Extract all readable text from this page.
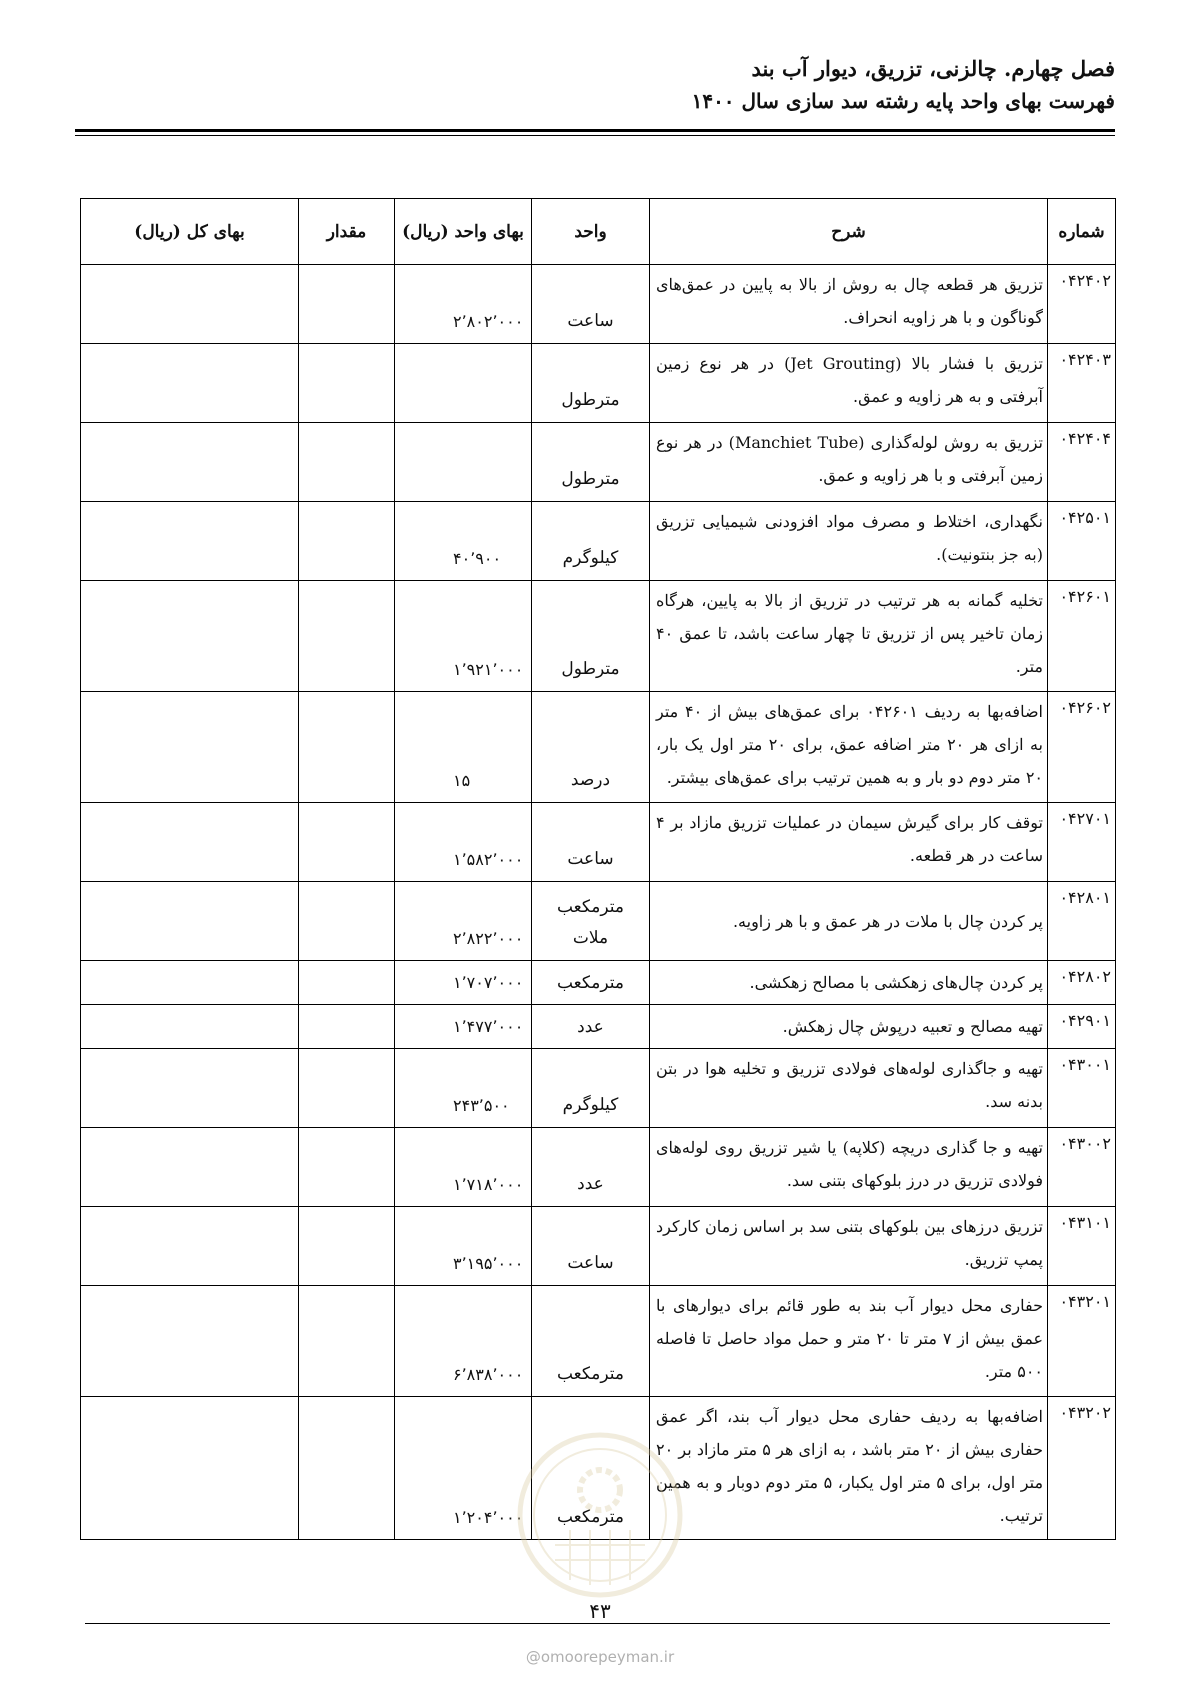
فصل چهارم. چالزنی، تزریق، دیوار آب بند
فهرست بهای واحد پایه رشته سد سازی سال ۱۴۰۰
شماره	شرح	واحد	بهای واحد (ریال)	مقدار	بهای کل (ریال)
۰۴۲۴۰۲	تزریق هر قطعه چال به روش از بالا به پایین در عمق‌های گوناگون و با هر زاویه انحراف.	ساعت	۲٬۸۰۲٬۰۰۰		
۰۴۲۴۰۳	تزریق با فشار بالا (Jet Grouting) در هر نوع زمین آبرفتی و به هر زاویه و عمق.	مترطول			
۰۴۲۴۰۴	تزریق به روش لوله‌گذاری (Manchiet Tube) در هر نوع زمین آبرفتی و با هر زاویه و عمق.	مترطول			
۰۴۲۵۰۱	نگهداری، اختلاط و مصرف مواد افزودنی شیمیایی تزریق (به جز بنتونیت).	کیلوگرم	۴۰٬۹۰۰		
۰۴۲۶۰۱	تخلیه گمانه به هر ترتیب در تزریق از بالا به پایین، هرگاه زمان تاخیر پس از تزریق تا چهار ساعت باشد، تا عمق ۴۰ متر.	مترطول	۱٬۹۲۱٬۰۰۰		
۰۴۲۶۰۲	اضافه‌بها به ردیف ۰۴۲۶۰۱ برای عمق‌های بیش از ۴۰ متر به ازای هر ۲۰ متر اضافه عمق، برای ۲۰ متر اول یک بار، ۲۰ متر دوم دو بار و به همین ترتیب برای عمق‌های بیشتر.	درصد	۱۵		
۰۴۲۷۰۱	توقف کار برای گیرش سیمان در عملیات تزریق مازاد بر ۴ ساعت در هر قطعه.	ساعت	۱٬۵۸۲٬۰۰۰		
۰۴۲۸۰۱	پر کردن چال با ملات در هر عمق و با هر زاویه.	مترمکعب ملات	۲٬۸۲۲٬۰۰۰		
۰۴۲۸۰۲	پر کردن چال‌های زهکشی با مصالح زهکشی.	مترمکعب	۱٬۷۰۷٬۰۰۰		
۰۴۲۹۰۱	تهیه مصالح و تعبیه درپوش چال زهکش.	عدد	۱٬۴۷۷٬۰۰۰		
۰۴۳۰۰۱	تهیه و جاگذاری لوله‌های فولادی تزریق و تخلیه هوا در بتن بدنه سد.	کیلوگرم	۲۴۳٬۵۰۰		
۰۴۳۰۰۲	تهیه و جا گذاری دریچه (کلاپه) یا شیر تزریق روی لوله‌های فولادی تزریق در درز بلوکهای بتنی سد.	عدد	۱٬۷۱۸٬۰۰۰		
۰۴۳۱۰۱	تزریق درزهای بین بلوکهای بتنی سد بر اساس زمان کارکرد پمپ تزریق.	ساعت	۳٬۱۹۵٬۰۰۰		
۰۴۳۲۰۱	حفاری محل دیوار آب بند به طور قائم برای دیوارهای با عمق بیش از ۷ متر تا ۲۰ متر و حمل مواد حاصل تا فاصله ۵۰۰ متر.	مترمکعب	۶٬۸۳۸٬۰۰۰		
۰۴۳۲۰۲	اضافه‌بها به ردیف حفاری محل دیوار آب بند، اگر عمق حفاری بیش از ۲۰ متر باشد ، به ازای هر ۵ متر مازاد بر ۲۰ متر اول، برای ۵ متر اول یکبار، ۵ متر دوم دوبار و به همین ترتیب.	مترمکعب	۱٬۲۰۴٬۰۰۰		
۴۳
@omoorepeyman.ir
